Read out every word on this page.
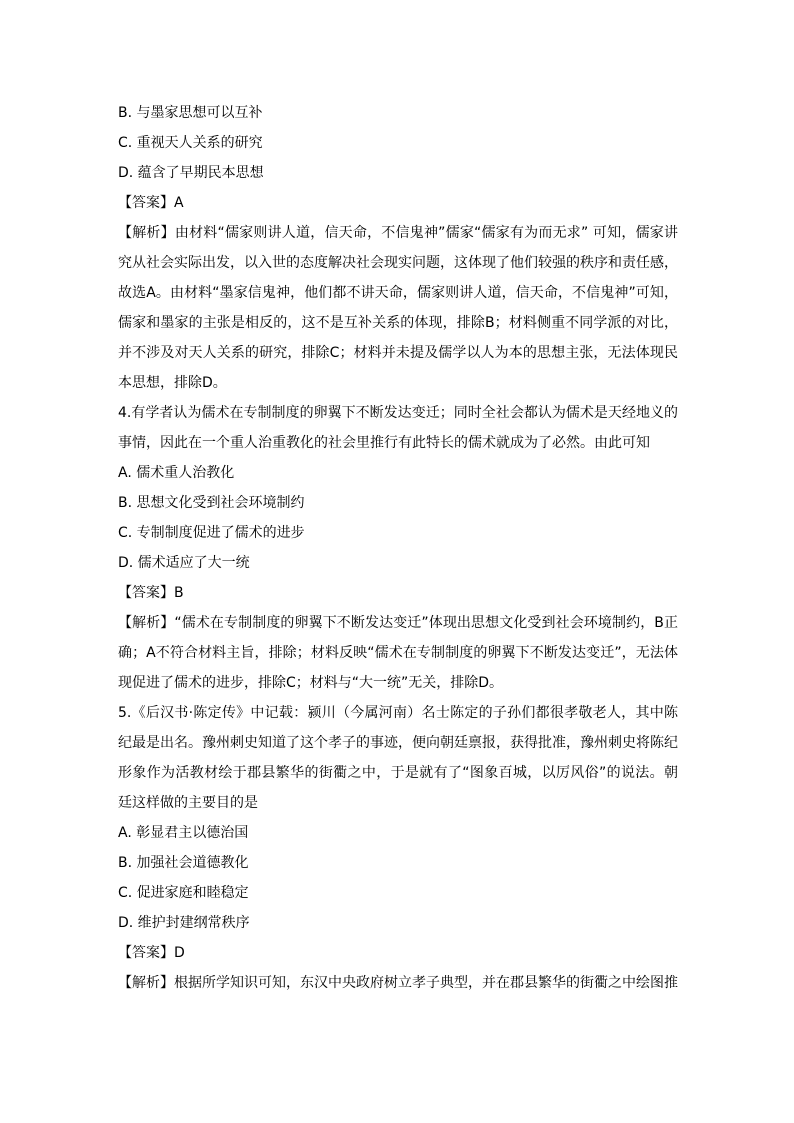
B. 与墨家思想可以互补
C. 重视天人关系的研究
D. 蕴含了早期民本思想
【答案】A
【解析】由材料“儒家则讲人道，信天命，不信鬼神”儒家“儒家有为而无求” 可知，儒家讲究从社会实际出发，以入世的态度解决社会现实问题，这体现了他们较强的秩序和责任感，故选A。由材料“墨家信鬼神，他们都不讲天命，儒家则讲人道，信天命，不信鬼神”可知，儒家和墨家的主张是相反的，这不是互补关系的体现，排除B；材料侧重不同学派的对比，并不涉及对天人关系的研究，排除C；材料并未提及儒学以人为本的思想主张，无法体现民本思想，排除D。
4.有学者认为儒术在专制制度的卵翼下不断发达变迁；同时全社会都认为儒术是天经地义的事情，因此在一个重人治重教化的社会里推行有此特长的儒术就成为了必然。由此可知
A. 儒术重人治教化
B. 思想文化受到社会环境制约
C. 专制制度促进了儒术的进步
D. 儒术适应了大一统
【答案】B
【解析】“儒术在专制制度的卵翼下不断发达变迁”体现出思想文化受到社会环境制约，B正确；A不符合材料主旨，排除；材料反映“儒术在专制制度的卵翼下不断发达变迁”，无法体现促进了儒术的进步，排除C；材料与“大一统”无关，排除D。
5.《后汉书·陈定传》中记载：颍川（今属河南）名士陈定的子孙们都很孝敬老人，其中陈纪最是出名。豫州刺史知道了这个孝子的事迹，便向朝廷禀报，获得批准，豫州刺史将陈纪形象作为活教材绘于郡县繁华的街衢之中，于是就有了“图象百城，以厉风俗”的说法。朝廷这样做的主要目的是
A. 彰显君主以德治国
B. 加强社会道德教化
C. 促进家庭和睦稳定
D. 维护封建纲常秩序
【答案】D
【解析】根据所学知识可知，东汉中央政府树立孝子典型，并在郡县繁华的街衢之中绘图推
